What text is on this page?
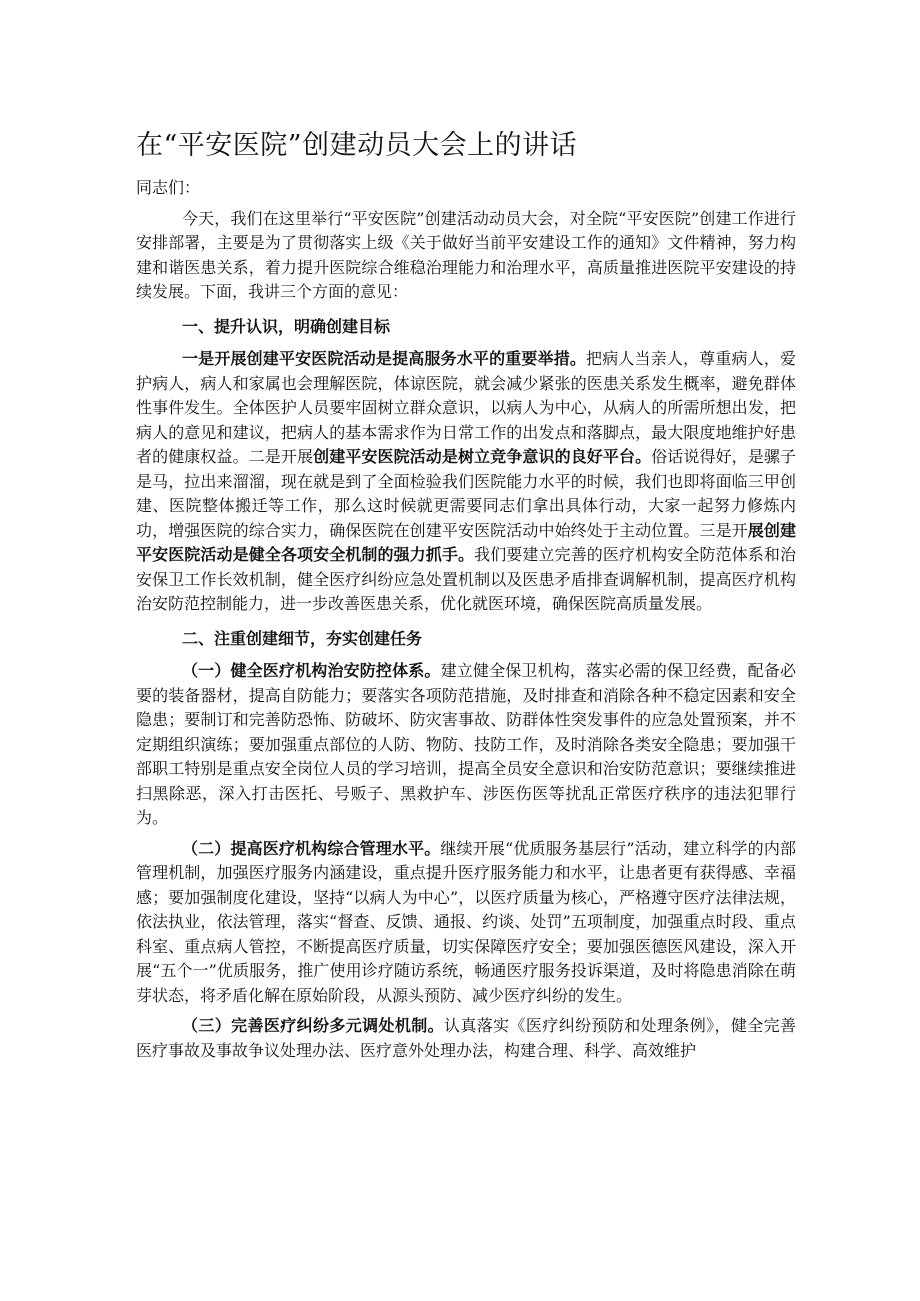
在“平安医院”创建动员大会上的讲话

同志们：

今天，我们在这里举行“平安医院”创建活动动员大会，对全院“平安医院”创建工作进行安排部署，主要是为了贯彻落实上级《关于做好当前平安建设工作的通知》文件精神，努力构建和谐医患关系，着力提升医院综合维稳治理能力和治理水平，高质量推进医院平安建设的持续发展。下面，我讲三个方面的意见：

一、提升认识，明确创建目标

一是开展创建平安医院活动是提高服务水平的重要举措。把病人当亲人，尊重病人，爱护病人，病人和家属也会理解医院，体谅医院，就会减少紧张的医患关系发生概率，避免群体性事件发生。全体医护人员要牢固树立群众意识，以病人为中心，从病人的所需所想出发，把病人的意见和建议，把病人的基本需求作为日常工作的出发点和落脚点，最大限度地维护好患者的健康权益。二是开展创建平安医院活动是树立竞争意识的良好平台。俗话说得好，是骡子是马，拉出来溜溜，现在就是到了全面检验我们医院能力水平的时候，我们也即将面临三甲创建、医院整体搬迁等工作，那么这时候就更需要同志们拿出具体行动，大家一起努力修炼内功，增强医院的综合实力，确保医院在创建平安医院活动中始终处于主动位置。三是开展创建平安医院活动是健全各项安全机制的强力抓手。我们要建立完善的医疗机构安全防范体系和治安保卫工作长效机制，健全医疗纠纷应急处置机制以及医患矛盾排查调解机制，提高医疗机构治安防范控制能力，进一步改善医患关系，优化就医环境，确保医院高质量发展。

二、注重创建细节，夯实创建任务

（一）健全医疗机构治安防控体系。建立健全保卫机构，落实必需的保卫经费，配备必要的装备器材，提高自防能力；要落实各项防范措施，及时排查和消除各种不稳定因素和安全隐患；要制订和完善防恐怖、防破坏、防灾害事故、防群体性突发事件的应急处置预案，并不定期组织演练；要加强重点部位的人防、物防、技防工作，及时消除各类安全隐患；要加强干部职工特别是重点安全岗位人员的学习培训，提高全员安全意识和治安防范意识；要继续推进扫黑除恶，深入打击医托、号贩子、黑救护车、涉医伤医等扰乱正常医疗秩序的违法犯罪行为。

（二）提高医疗机构综合管理水平。继续开展“优质服务基层行”活动，建立科学的内部管理机制，加强医疗服务内涵建设，重点提升医疗服务能力和水平，让患者更有获得感、幸福感；要加强制度化建设，坚持“以病人为中心”，以医疗质量为核心，严格遵守医疗法律法规，依法执业，依法管理，落实“督查、反馈、通报、约谈、处罚”五项制度，加强重点时段、重点科室、重点病人管控，不断提高医疗质量，切实保障医疗安全；要加强医德医风建设，深入开展“五个一”优质服务，推广使用诊疗随访系统，畅通医疗服务投诉渠道，及时将隐患消除在萌芽状态，将矛盾化解在原始阶段，从源头预防、减少医疗纠纷的发生。

（三）完善医疗纠纷多元调处机制。认真落实《医疗纠纷预防和处理条例》，健全完善医疗事故及事故争议处理办法、医疗意外处理办法，构建合理、科学、高效维护
